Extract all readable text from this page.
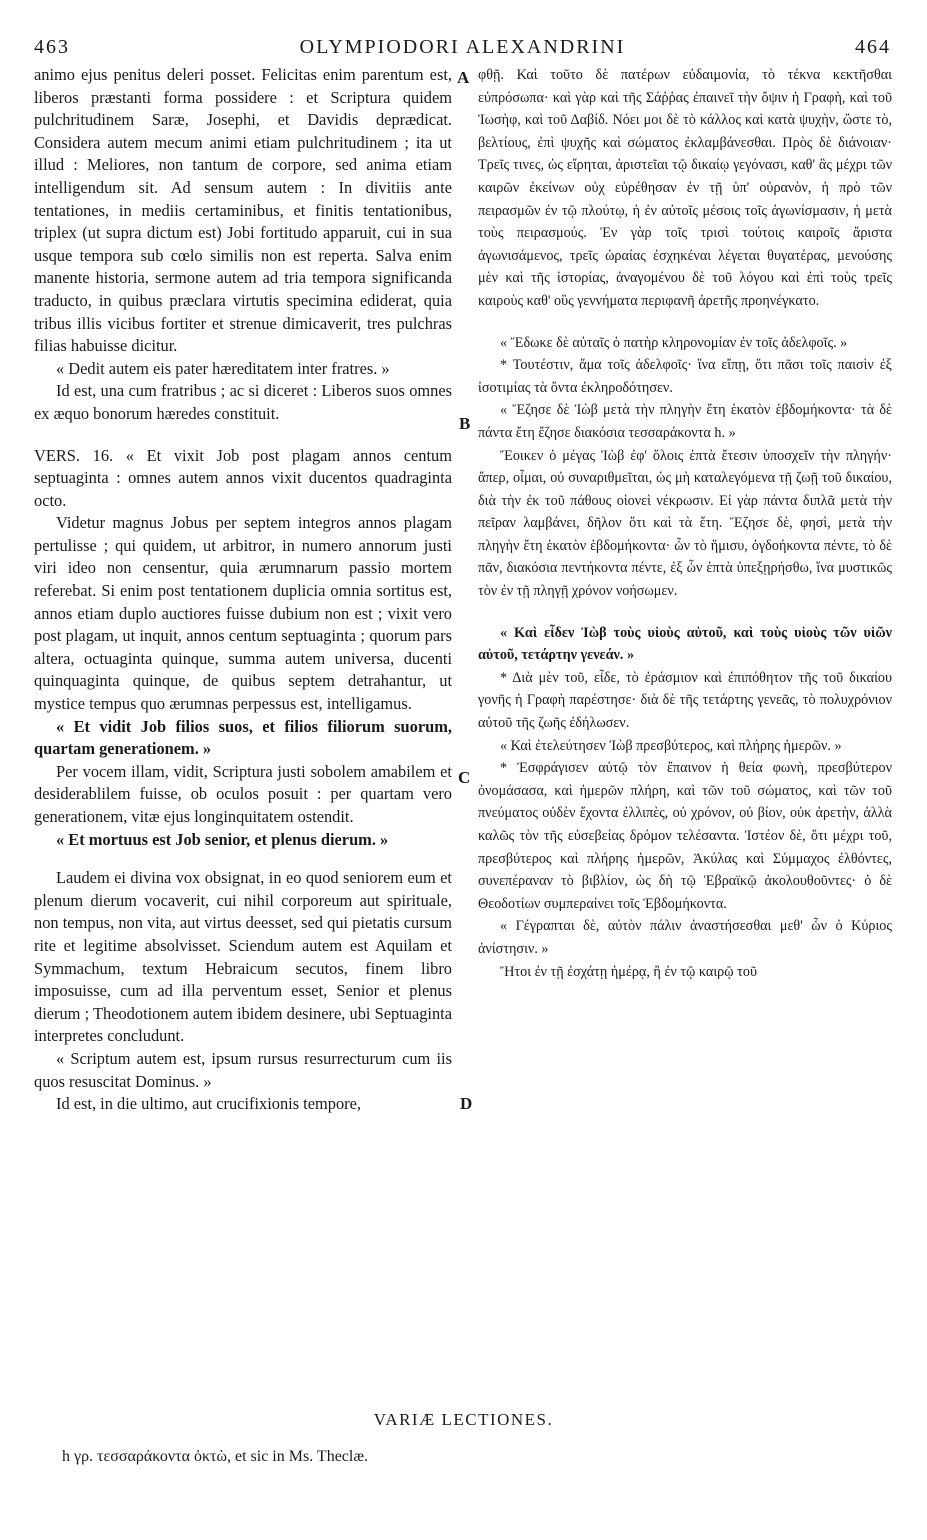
463	OLYMPIODORI ALEXANDRINI	464

animo ejus penitus deleri posset. Felicitas enim parentum est, liberos præstanti forma possidere : et Scriptura quidem pulchritudinem Saræ, Josephi, et Davidis deprædicat. Considera autem mecum animi etiam pulchritudinem ; ita ut illud : Meliores, non tantum de corpore, sed anima etiam intelligendum sit. Ad sensum autem : In divitiis ante tentationes, in mediis certaminibus, et finitis tentationibus, triplex (ut supra dictum est) Jobi fortitudo apparuit, cui in sua usque tempora sub cœlo similis non est reperta. Salva enim manente historia, sermone autem ad tria tempora significanda traducto, in quibus præclara virtutis specimina ediderat, quia tribus illis vicibus fortiter et strenue dimicaverit, tres pulchras filias habuisse dicitur.

« Dedit autem eis pater hæreditatem inter fratres. »

Id est, una cum fratribus ; ac si diceret : Liberos suos omnes ex æquo bonorum hæredes constituit.

VERS. 16. « Et vixit Job post plagam annos centum septuaginta : omnes autem annos vixit ducentos quadraginta octo.

Videtur magnus Jobus per septem integros annos plagam pertulisse ; qui quidem, ut arbitror, in numero annorum justi viri ideo non censentur, quia ærumnarum passio mortem referebat. Si enim post tentationem duplicia omnia sortitus est, annos etiam duplo auctiores fuisse dubium non est ; vixit vero post plagam, ut inquit, annos centum septuaginta ; quorum pars altera, octuaginta quinque, summa autem universa, ducenti quinquaginta quinque, de quibus septem detrahantur, ut mystice tempus quo ærumnas perpessus est, intelligamus.

« Et vidit Job filios suos, et filios filiorum suorum, quartam generationem. »

Per vocem illam, vidit, Scriptura justi sobolem amabilem et desiderablilem fuisse, ob oculos posuit : per quartam vero generationem, vitæ ejus longinquitatem ostendit.

« Et mortuus est Job senior, et plenus dierum. »

Laudem ei divina vox obsignat, in eo quod seniorem eum et plenum dierum vocaverit, cui nihil corporeum aut spirituale, non tempus, non vita, aut virtus deesset, sed qui pietatis cursum rite et legitime absolvisset. Sciendum autem est Aquilam et Symmachum, textum Hebraicum secutos, finem libro imposuisse, cum ad illa perventum esset, Senior et plenus dierum ; Theodotionem autem ibidem desinere, ubi Septuaginta interpretes concludunt.

« Scriptum autem est, ipsum rursus resurrecturum cum iis quos resuscitat Dominus. »

Id est, in die ultimo, aut crucifixionis tempore,

A
B
C
D

φθῇ. Καὶ τοῦτο δὲ πατέρων εὐδαιμονία, τὸ τέκνα κεκτῆσθαι εὐπρόσωπα· καὶ γὰρ καὶ τῆς Σάῤῥας ἐπαινεῖ τὴν ὄψιν ἡ Γραφὴ, καὶ τοῦ Ἰωσὴφ, καὶ τοῦ Δαβίδ. Νόει μοι δὲ τὸ κάλλος καὶ κατὰ ψυχὴν, ὥστε τὸ, βελτίους, ἐπὶ ψυχῆς καὶ σώματος ἐκλαμβάνεσθαι. Πρὸς δὲ διάνοιαν· Τρεῖς τινες, ὡς εἴρηται, ἀριστεῖαι τῷ δικαίῳ γεγόνασι, καθ' ἃς μέχρι τῶν καιρῶν ἐκείνων οὐχ εὑρέθησαν ἐν τῇ ὑπ' οὐρανὸν, ἡ πρὸ τῶν πειρασμῶν ἐν τῷ πλούτῳ, ἡ ἐν αὐτοῖς μέσοις τοῖς ἀγωνίσμασιν, ἡ μετὰ τοὺς πειρασμούς. Ἐν γὰρ τοῖς τρισὶ τούτοις καιροῖς ἄριστα ἀγωνισάμενος, τρεῖς ὡραίας ἐσχηκέναι λέγεται θυγατέρας, μενούσης μὲν καὶ τῆς ἱστορίας, ἀναγομένου δὲ τοῦ λόγου καὶ ἐπὶ τοὺς τρεῖς καιροὺς καθ' οὓς γεννήματα περιφανῆ ἀρετῆς προηνέγκατο.

« Ἔδωκε δὲ αὐταῖς ὁ πατὴρ κληρονομίαν ἐν τοῖς ἀδελφοῖς. »

* Τουτέστιν, ἅμα τοῖς ἀδελφοῖς· ἵνα εἴπῃ, ὅτι πᾶσι τοῖς παισὶν ἐξ ἰσοτιμίας τὰ ὄντα ἐκληροδότησεν.

« Ἔζησε δὲ Ἰὼβ μετὰ τὴν πληγὴν ἔτη ἑκατὸν ἑβδομήκοντα· τὰ δὲ πάντα ἔτη ἔζησε διακόσια τεσσαράκοντα h. »

Ἔοικεν ὁ μέγας Ἰὼβ ἐφ' ὅλοις ἑπτὰ ἔτεσιν ὑποσχεῖν τὴν πληγήν· ἅπερ, οἶμαι, οὐ συναριθμεῖται, ὡς μὴ καταλεγόμενα τῇ ζωῇ τοῦ δικαίου, διὰ τὴν ἐκ τοῦ πάθους οἱονεὶ νέκρωσιν. Εἰ γὰρ πάντα διπλᾶ μετὰ τὴν πεῖραν λαμβάνει, δῆλον ὅτι καὶ τὰ ἔτη. Ἔζησε δὲ, φησὶ, μετὰ τὴν πληγὴν ἔτη ἑκατὸν ἑβδομήκοντα· ὧν τὸ ἥμισυ, ὀγδοήκοντα πέντε, τὸ δὲ πᾶν, διακόσια πεντήκοντα πέντε, ἐξ ὧν ἑπτὰ ὑπεξῃρήσθω, ἵνα μυστικῶς τὸν ἐν τῇ πληγῇ χρόνον νοήσωμεν.

« Καὶ εἶδεν Ἰὼβ τοὺς υἱοὺς αὐτοῦ, καὶ τοὺς υἱοὺς τῶν υἱῶν αὐτοῦ, τετάρτην γενεάν. »

* Διὰ μὲν τοῦ, εἶδε, τὸ ἐράσμιον καὶ ἐπιπόθητον τῆς τοῦ δικαίου γονῆς ἡ Γραφὴ παρέστησε· διὰ δὲ τῆς τετάρτης γενεᾶς, τὸ πολυχρόνιον αὐτοῦ τῆς ζωῆς ἐδήλωσεν.

« Καὶ ἐτελεύτησεν Ἰὼβ πρεσβύτερος, καὶ πλήρης ἡμερῶν. »

* Ἐσφράγισεν αὐτῷ τὸν ἔπαινον ἡ θεία φωνὴ, πρεσβύτερον ὀνομάσασα, καὶ ἡμερῶν πλήρη, καὶ τῶν τοῦ σώματος, καὶ τῶν τοῦ πνεύματος οὐδὲν ἔχοντα ἐλλιπὲς, οὐ χρόνον, οὐ βίον, οὐκ ἀρετὴν, ἀλλὰ καλῶς τὸν τῆς εὐσεβείας δρόμον τελέσαντα. Ἰστέον δὲ, ὅτι μέχρι τοῦ, πρεσβύτερος καὶ πλήρης ἡμερῶν, Ἀκύλας καὶ Σύμμαχος ἐλθόντες, συνεπέραναν τὸ βιβλίον, ὡς δὴ τῷ Ἑβραϊκῷ ἀκολουθοῦντες· ὁ δὲ Θεοδοτίων συμπεραίνει τοῖς Ἑβδομήκοντα.

« Γέγραπται δὲ, αὐτὸν πάλιν ἀναστήσεσθαι μεθ' ὧν ὁ Κύριος ἀνίστησιν. »

Ἤτοι ἐν τῇ ἐσχάτῃ ἡμέρᾳ, ἢ ἐν τῷ καιρῷ τοῦ

VARIÆ LECTIONES.
h γρ. τεσσαράκοντα ὀκτὼ, et sic in Ms. Theclæ.
